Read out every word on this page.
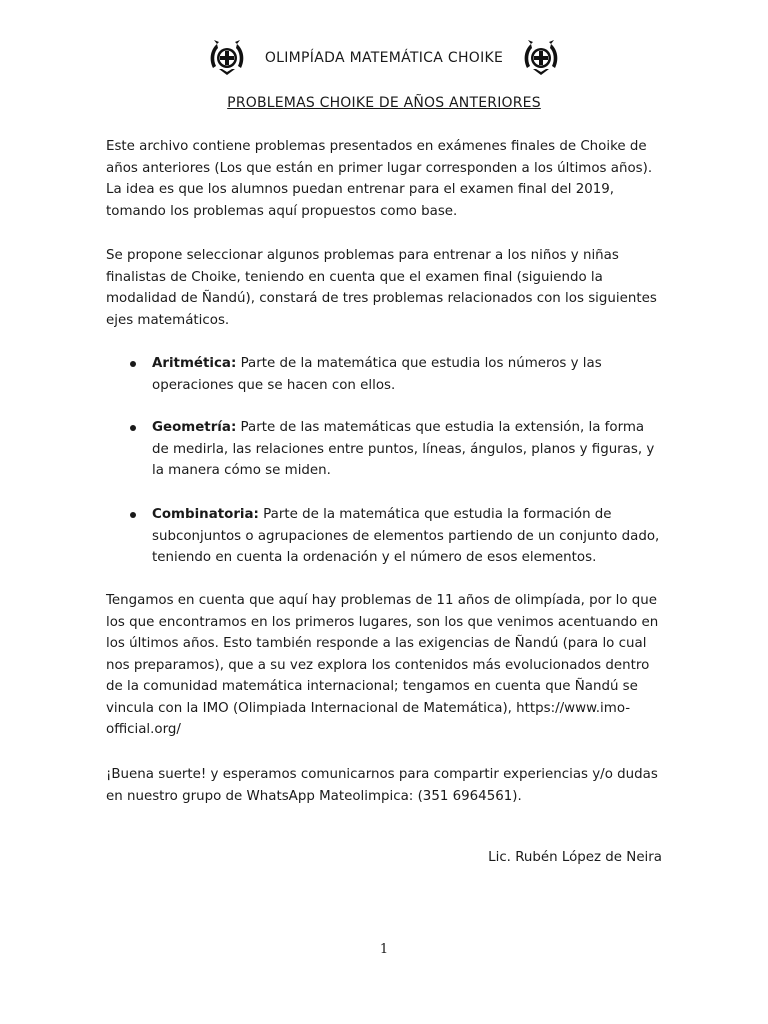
OLIMPÍADA MATEMÁTICA CHOIKE
PROBLEMAS CHOIKE DE AÑOS ANTERIORES

Este archivo contiene problemas presentados en exámenes finales de Choike de años anteriores (Los que están en primer lugar corresponden a los últimos años). La idea es que los alumnos puedan entrenar para el examen final del 2019, tomando los problemas aquí propuestos como base.

Se propone seleccionar algunos problemas para entrenar a los niños y niñas finalistas de Choike, teniendo en cuenta que el examen final (siguiendo la modalidad de Ñandú), constará de tres problemas relacionados con los siguientes ejes matemáticos.

Aritmética: Parte de la matemática que estudia los números y las operaciones que se hacen con ellos.
Geometría: Parte de las matemáticas que estudia la extensión, la forma de medirla, las relaciones entre puntos, líneas, ángulos, planos y figuras, y la manera cómo se miden.
Combinatoria: Parte de la matemática que estudia la formación de subconjuntos o agrupaciones de elementos partiendo de un conjunto dado, teniendo en cuenta la ordenación y el número de esos elementos.

Tengamos en cuenta que aquí hay problemas de 11 años de olimpíada, por lo que los que encontramos en los primeros lugares, son los que venimos acentuando en los últimos años. Esto también responde a las exigencias de Ñandú (para lo cual nos preparamos), que a su vez explora los contenidos más evolucionados dentro de la comunidad matemática internacional; tengamos en cuenta que Ñandú se vincula con la IMO (Olimpiada Internacional de Matemática), https://www.imo-official.org/

¡Buena suerte! y esperamos comunicarnos para compartir experiencias y/o dudas en nuestro grupo de WhatsApp Mateolimpica: (351 6964561).

Lic. Rubén López de Neira
1
